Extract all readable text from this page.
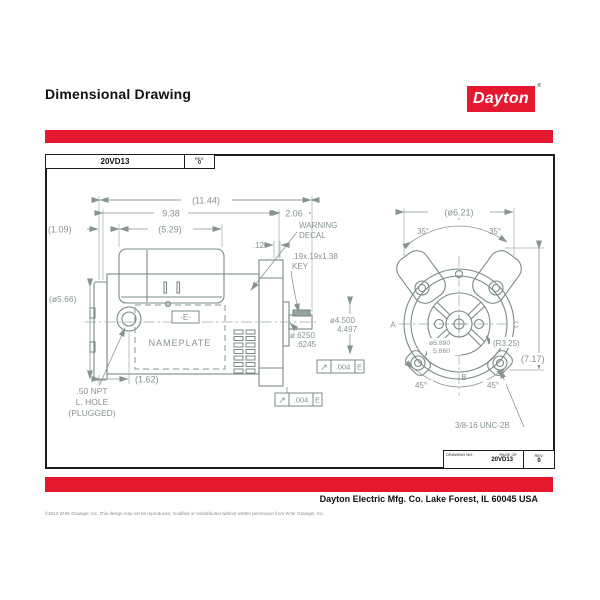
Dimensional Drawing	Dayton
®
20VD13	REV.
0
-E-
NAMEPLATE
(11.44)
9.38	2.06
(5.29)
(1.09)
.12
(ø5.66)
(1.62)
WARNING
DECAL
.19x.19x1.38
KEY
ø4.500
4.497
ø.6250
.6245
.50 NPT
L. HOLE
(PLUGGED)
↗ .004 E
↗ .004 E
(ø6.21)
35°	35°
(7.17)
(R3.25)
ø5.890
5.860
45°	45°
3/8-16 UNC-2B
A	C
B
DRAWING NO.	PAGE OF
20VD13
REV.
0
Dayton Electric Mfg. Co. Lake Forest, IL 60045 USA
©2013 W.W. Grainger, Inc. This design may not be reproduced, modified or redistributed without written permission from W.W. Grainger, Inc.
